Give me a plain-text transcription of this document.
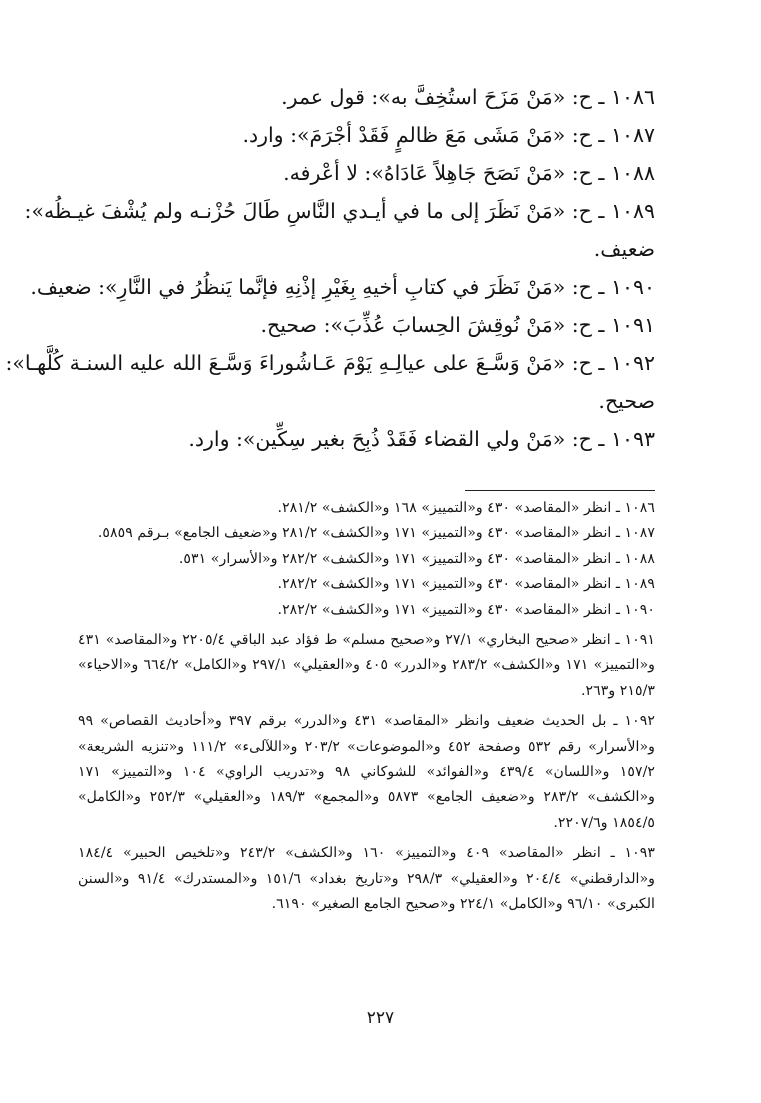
١٠٨٦ ـ ح: «مَنْ مَزَحَ استُخِفَّ به»: قول عمر.

١٠٨٧ ـ ح: «مَنْ مَشَى مَعَ ظالمٍ فَقَدْ أجْرَمَ»: وارد.

١٠٨٨ ـ ح: «مَنْ نَصَحَ جَاهِلاً عَادَاهُ»: لا أعْرفه.

١٠٨٩ ـ ح: «مَنْ نَظَرَ إلى ما في أيـدي النَّاسِ طَالَ حُزْنـه ولم يُشْفَ غيـظُه»:

ضعيف.

١٠٩٠ ـ ح: «مَنْ نَظَرَ في كتابِ أخيهِ بِغَيْرِ إذْنِهِ فإنَّما يَنظُرُ في النَّارِ»: ضعيف.

١٠٩١ ـ ح: «مَنْ نُوقِشَ الحِسابَ عُذِّبَ»: صحيح.

١٠٩٢ ـ ح: «مَنْ وَسَّـعَ على عيالِـهِ يَوْمَ عَـاشُوراءَ وَسَّـعَ الله عليه السنـة كُلَّهـا»:

صحيح.

١٠٩٣ ـ ح: «مَنْ ولي القضاء فَقَدْ ذُبِحَ بغير سِكِّين»: وارد.

١٠٨٦ ـ انظر «المقاصد» ٤٣٠ و«التمييز» ١٦٨ و«الكشف» ٢٨١/٢.

١٠٨٧ ـ انظر «المقاصد» ٤٣٠ و«التمييز» ١٧١ و«الكشف» ٢٨١/٢ و«ضعيف الجامع» بـرقم ٥٨٥٩.

١٠٨٨ ـ انظر «المقاصد» ٤٣٠ و«التمييز» ١٧١ و«الكشف» ٢٨٢/٢ و«الأسرار» ٥٣١.

١٠٨٩ ـ انظر «المقاصد» ٤٣٠ و«التمييز» ١٧١ و«الكشف» ٢٨٢/٢.

١٠٩٠ ـ انظر «المقاصد» ٤٣٠ و«التمييز» ١٧١ و«الكشف» ٢٨٢/٢.

١٠٩١ ـ انظر «صحيح البخاري» ٢٧/١ و«صحيح مسلم» ط فؤاد عبد الباقي ٢٢٠٥/٤ و«المقاصد» ٤٣١ و«التمييز» ١٧١ و«الكشف» ٢٨٣/٢ و«الدرر» ٤٠٥ و«العقيلي» ٢٩٧/١ و«الكامل» ٦٦٤/٢ و«الاحياء» ٢١٥/٣ و٢٦٣.

١٠٩٢ ـ بل الحديث ضعيف وانظر «المقاصد» ٤٣١ و«الدرر» برقم ٣٩٧ و«أحاديث القصاص» ٩٩ و«الأسرار» رقم ٥٣٢ وصفحة ٤٥٢ و«الموضوعات» ٢٠٣/٢ و«اللآلىء» ١١١/٢ و«تنزيه الشريعة» ١٥٧/٢ و«اللسان» ٤٣٩/٤ و«الفوائد» للشوكاني ٩٨ و«تدريب الراوي» ١٠٤ و«التمييز» ١٧١ و«الكشف» ٢٨٣/٢ و«ضعيف الجامع» ٥٨٧٣ و«المجمع» ١٨٩/٣ و«العقيلي» ٢٥٢/٣ و«الكامل» ١٨٥٤/٥ و٢٢٠٧/٦.

١٠٩٣ ـ انظر «المقاصد» ٤٠٩ و«التمييز» ١٦٠ و«الكشف» ٢٤٣/٢ و«تلخيص الحبير» ١٨٤/٤ و«الدارقطني» ٢٠٤/٤ و«العقيلي» ٢٩٨/٣ و«تاريخ بغداد» ١٥١/٦ و«المستدرك» ٩١/٤ و«السنن الكبرى» ٩٦/١٠ و«الكامل» ٢٢٤/١ و«صحيح الجامع الصغير» ٦١٩٠.

٢٢٧
